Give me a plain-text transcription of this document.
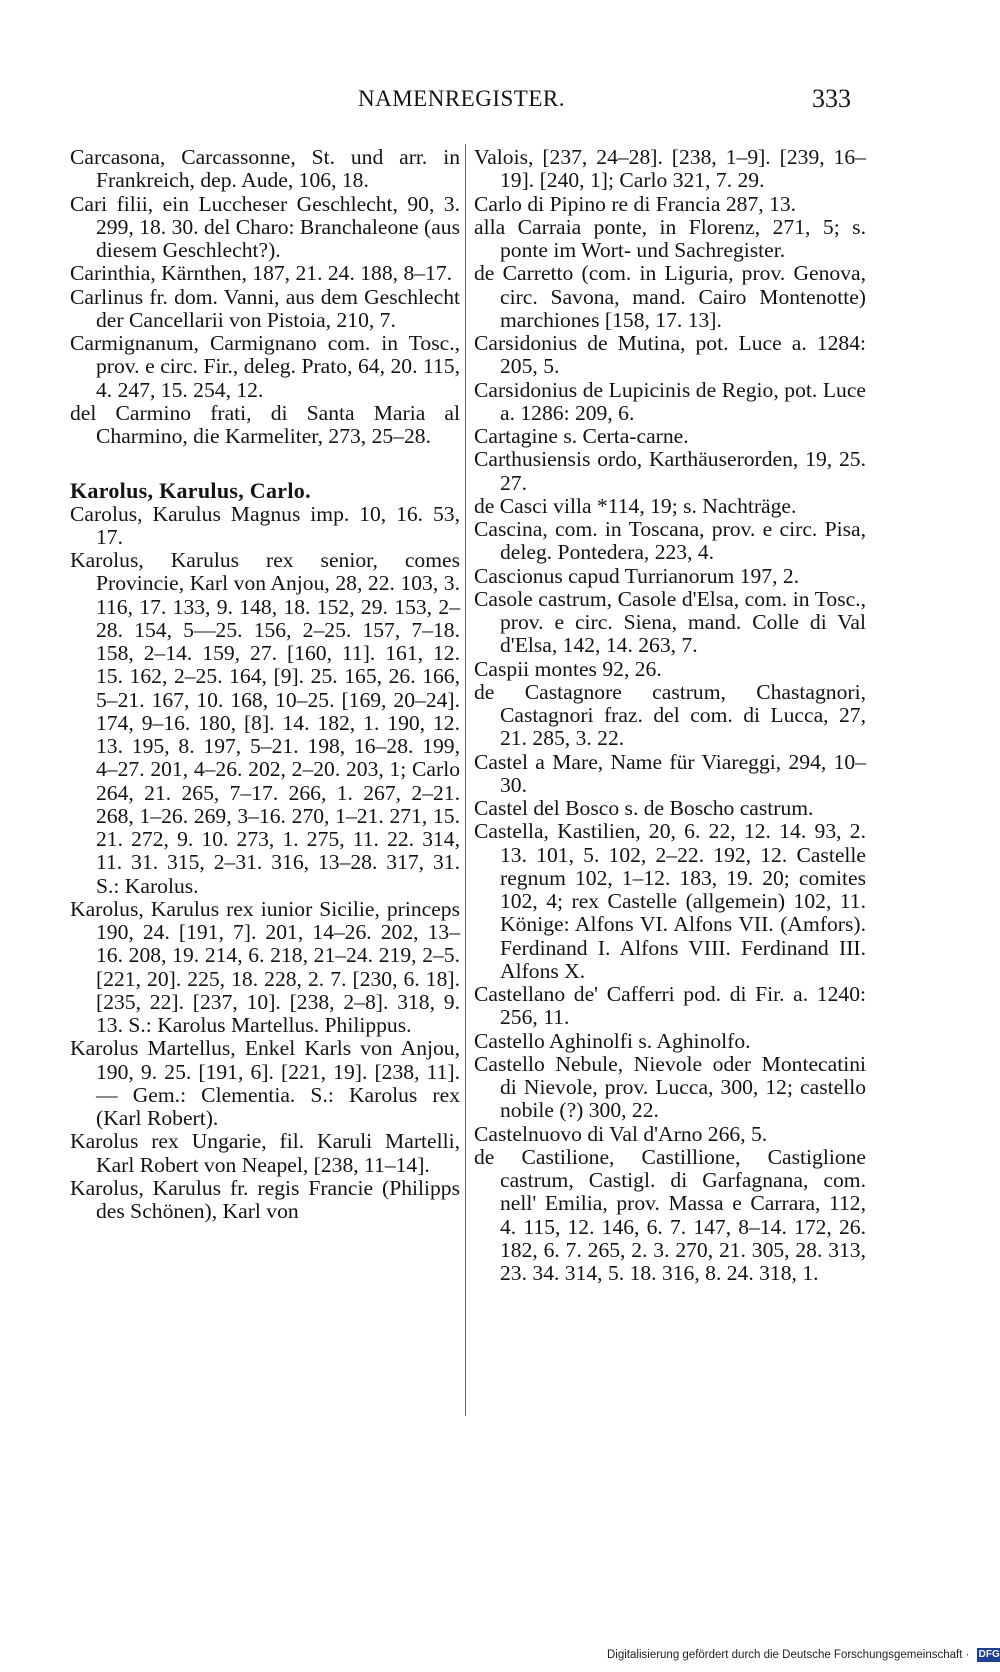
NAMENREGISTER.	333

Carcasona, Carcassonne, St. und arr. in Frankreich, dep. Aude, 106, 18.

Cari filii, ein Luccheser Geschlecht, 90, 3. 299, 18. 30. del Charo: Branchaleone (aus diesem Geschlecht?).

Carinthia, Kärnthen, 187, 21. 24. 188, 8–17.

Carlinus fr. dom. Vanni, aus dem Geschlecht der Cancellarii von Pistoia, 210, 7.

Carmignanum, Carmignano com. in Tosc., prov. e circ. Fir., deleg. Prato, 64, 20. 115, 4. 247, 15. 254, 12.

del Carmino frati, di Santa Maria al Charmino, die Karmeliter, 273, 25–28.

Karolus, Karulus, Carlo.

Carolus, Karulus Magnus imp. 10, 16. 53, 17.

Karolus, Karulus rex senior, comes Provincie, Karl von Anjou, 28, 22. 103, 3. 116, 17. 133, 9. 148, 18. 152, 29. 153, 2–28. 154, 5—25. 156, 2–25. 157, 7–18. 158, 2–14. 159, 27. [160, 11]. 161, 12. 15. 162, 2–25. 164, [9]. 25. 165, 26. 166, 5–21. 167, 10. 168, 10–25. [169, 20–24]. 174, 9–16. 180, [8]. 14. 182, 1. 190, 12. 13. 195, 8. 197, 5–21. 198, 16–28. 199, 4–27. 201, 4–26. 202, 2–20. 203, 1; Carlo 264, 21. 265, 7–17. 266, 1. 267, 2–21. 268, 1–26. 269, 3–16. 270, 1–21. 271, 15. 21. 272, 9. 10. 273, 1. 275, 11. 22. 314, 11. 31. 315, 2–31. 316, 13–28. 317, 31. S.: Karolus.

Karolus, Karulus rex iunior Sicilie, princeps 190, 24. [191, 7]. 201, 14–26. 202, 13–16. 208, 19. 214, 6. 218, 21–24. 219, 2–5. [221, 20]. 225, 18. 228, 2. 7. [230, 6. 18]. [235, 22]. [237, 10]. [238, 2–8]. 318, 9. 13. S.: Karolus Martellus. Philippus.

Karolus Martellus, Enkel Karls von Anjou, 190, 9. 25. [191, 6]. [221, 19]. [238, 11]. — Gem.: Clementia. S.: Karolus rex (Karl Robert).

Karolus rex Ungarie, fil. Karuli Martelli, Karl Robert von Neapel, [238, 11–14].

Karolus, Karulus fr. regis Francie (Philipps des Schönen), Karl von

Valois, [237, 24–28]. [238, 1–9]. [239, 16–19]. [240, 1]; Carlo 321, 7. 29.

Carlo di Pipino re di Francia 287, 13.

alla Carraia ponte, in Florenz, 271, 5; s. ponte im Wort- und Sachregister.

de Carretto (com. in Liguria, prov. Genova, circ. Savona, mand. Cairo Montenotte) marchiones [158, 17. 13].

Carsidonius de Mutina, pot. Luce a. 1284: 205, 5.

Carsidonius de Lupicinis de Regio, pot. Luce a. 1286: 209, 6.

Cartagine s. Certa-carne.

Carthusiensis ordo, Karthäuserorden, 19, 25. 27.

de Casci villa *114, 19; s. Nachträge.

Cascina, com. in Toscana, prov. e circ. Pisa, deleg. Pontedera, 223, 4.

Cascionus capud Turrianorum 197, 2.

Casole castrum, Casole d'Elsa, com. in Tosc., prov. e circ. Siena, mand. Colle di Val d'Elsa, 142, 14. 263, 7.

Caspii montes 92, 26.

de Castagnore castrum, Chastagnori, Castagnori fraz. del com. di Lucca, 27, 21. 285, 3. 22.

Castel a Mare, Name für Viareggi, 294, 10–30.

Castel del Bosco s. de Boscho castrum.

Castella, Kastilien, 20, 6. 22, 12. 14. 93, 2. 13. 101, 5. 102, 2–22. 192, 12. Castelle regnum 102, 1–12. 183, 19. 20; comites 102, 4; rex Castelle (allgemein) 102, 11. Könige: Alfons VI. Alfons VII. (Amfors). Ferdinand I. Alfons VIII. Ferdinand III. Alfons X.

Castellano de' Cafferri pod. di Fir. a. 1240: 256, 11.

Castello Aghinolfi s. Aghinolfo.

Castello Nebule, Nievole oder Montecatini di Nievole, prov. Lucca, 300, 12; castello nobile (?) 300, 22.

Castelnuovo di Val d'Arno 266, 5.

de Castilione, Castillione, Castiglione castrum, Castigl. di Garfagnana, com. nell' Emilia, prov. Massa e Carrara, 112, 4. 115, 12. 146, 6. 7. 147, 8–14. 172, 26. 182, 6. 7. 265, 2. 3. 270, 21. 305, 28. 313, 23. 34. 314, 5. 18. 316, 8. 24. 318, 1.

Digitalisierung gefördert durch die Deutsche Forschungsgemeinschaft · DFG
